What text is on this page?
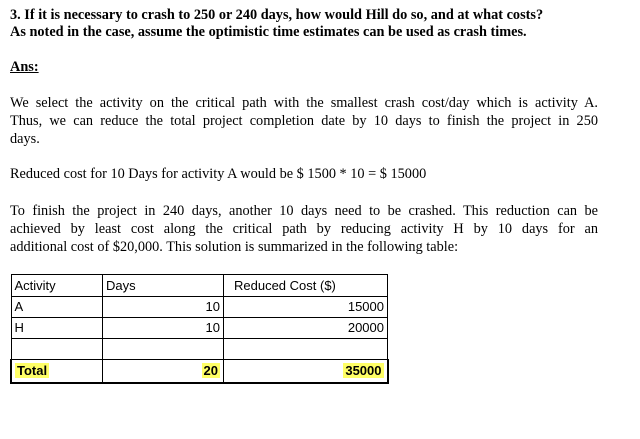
3. If it is necessary to crash to 250 or 240 days, how would Hill do so, and at what costs?

As noted in the case, assume the optimistic time estimates can be used as crash times.

Ans:

We select the activity on the critical path with the smallest crash cost/day which is activity A.

Thus, we can reduce the total project completion date by 10 days to finish the project in 250

days.

Reduced cost for 10 Days for activity A would be $ 1500 * 10 = $ 15000

To finish the project in 240 days, another 10 days need to be crashed. This reduction can be

achieved by least cost along the critical path by reducing activity H by 10 days for an

additional cost of $20,000. This solution is summarized in the following table:

Activity	Days	Reduced Cost ($)
A	10	15000
H	10	20000

Total	20	35000
